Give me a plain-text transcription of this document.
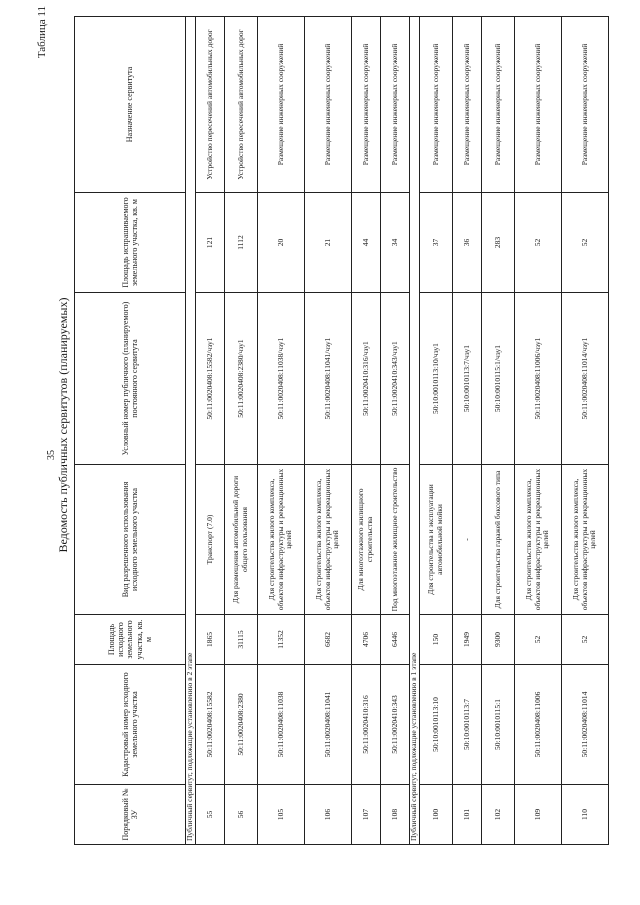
35
Таблица 11
Ведомость публичных сервитутов (планируемых)
Порядковый № ЗУ	Кадастровый номер исходного земельного участка	Площадь исходного земельного участка, кв. м	Вид разрешенного использования исходного земельного участка	Условный номер публичного (планируемого) постоянного сервитута	Площадь испрашиваемого земельного участка, кв. м	Назначение сервитута
Публичный сервитут, подлежащие установлению в 2 этапе						
55	50:11:0020408:15582	1865	Транспорт (7.0)	50:11:0020408:15582/чзу1	121	Устройство пересечений автомобильных дорог
56	50:11:0020408:2380	31115	Для размещения автомобильной дороги общего пользования	50:11:0020408:2380/чзу1	1112	Устройство пересечений автомобильных дорог
105	50:11:0020408:11038	11352	Для строительства жилого комплекса, объектов инфраструктуры и рекреационных целей	50:11:0020408:11038/чзу1	20	Размещение инженерных сооружений
106	50:11:0020408:11041	6682	Для строительства жилого комплекса, объектов инфраструктуры и рекреационных целей	50:11:0020408:11041/чзу1	21	Размещение инженерных сооружений
107	50:11:0020410:316	4706	Для многоэтажного жилищного строительства	50:11:0020410:316/чзу1	44	Размещение инженерных сооружений
108	50:11:0020410:343	6446	Под многоэтажное жилищное строительство	50:11:0020410:343/чзу1	34	Размещение инженерных сооружений
Публичный сервитут, подлежащие установлению в 1 этапе						
100	50:10:0010113:10	150	Для строительства и эксплуатации автомобильной мойки	50:10:0010113:10/чзу1	37	Размещение инженерных сооружений
101	50:10:0010113:7	1949	-	50:10:0010113:7/чзу1	36	Размещение инженерных сооружений
102	50:10:0010115:1	9300	Для строительства гаражей боксового типа	50:10:0010115:1/чзу1	283	Размещение инженерных сооружений
109	50:11:0020408:11006	52	Для строительства жилого комплекса, объектов инфраструктуры и рекреационных целей	50:11:0020408:11006/чзу1	52	Размещение инженерных сооружений
110	50:11:0020408:11014	52	Для строительства жилого комплекса, объектов инфраструктуры и рекреационных целей	50:11:0020408:11014/чзу1	52	Размещение инженерных сооружений
